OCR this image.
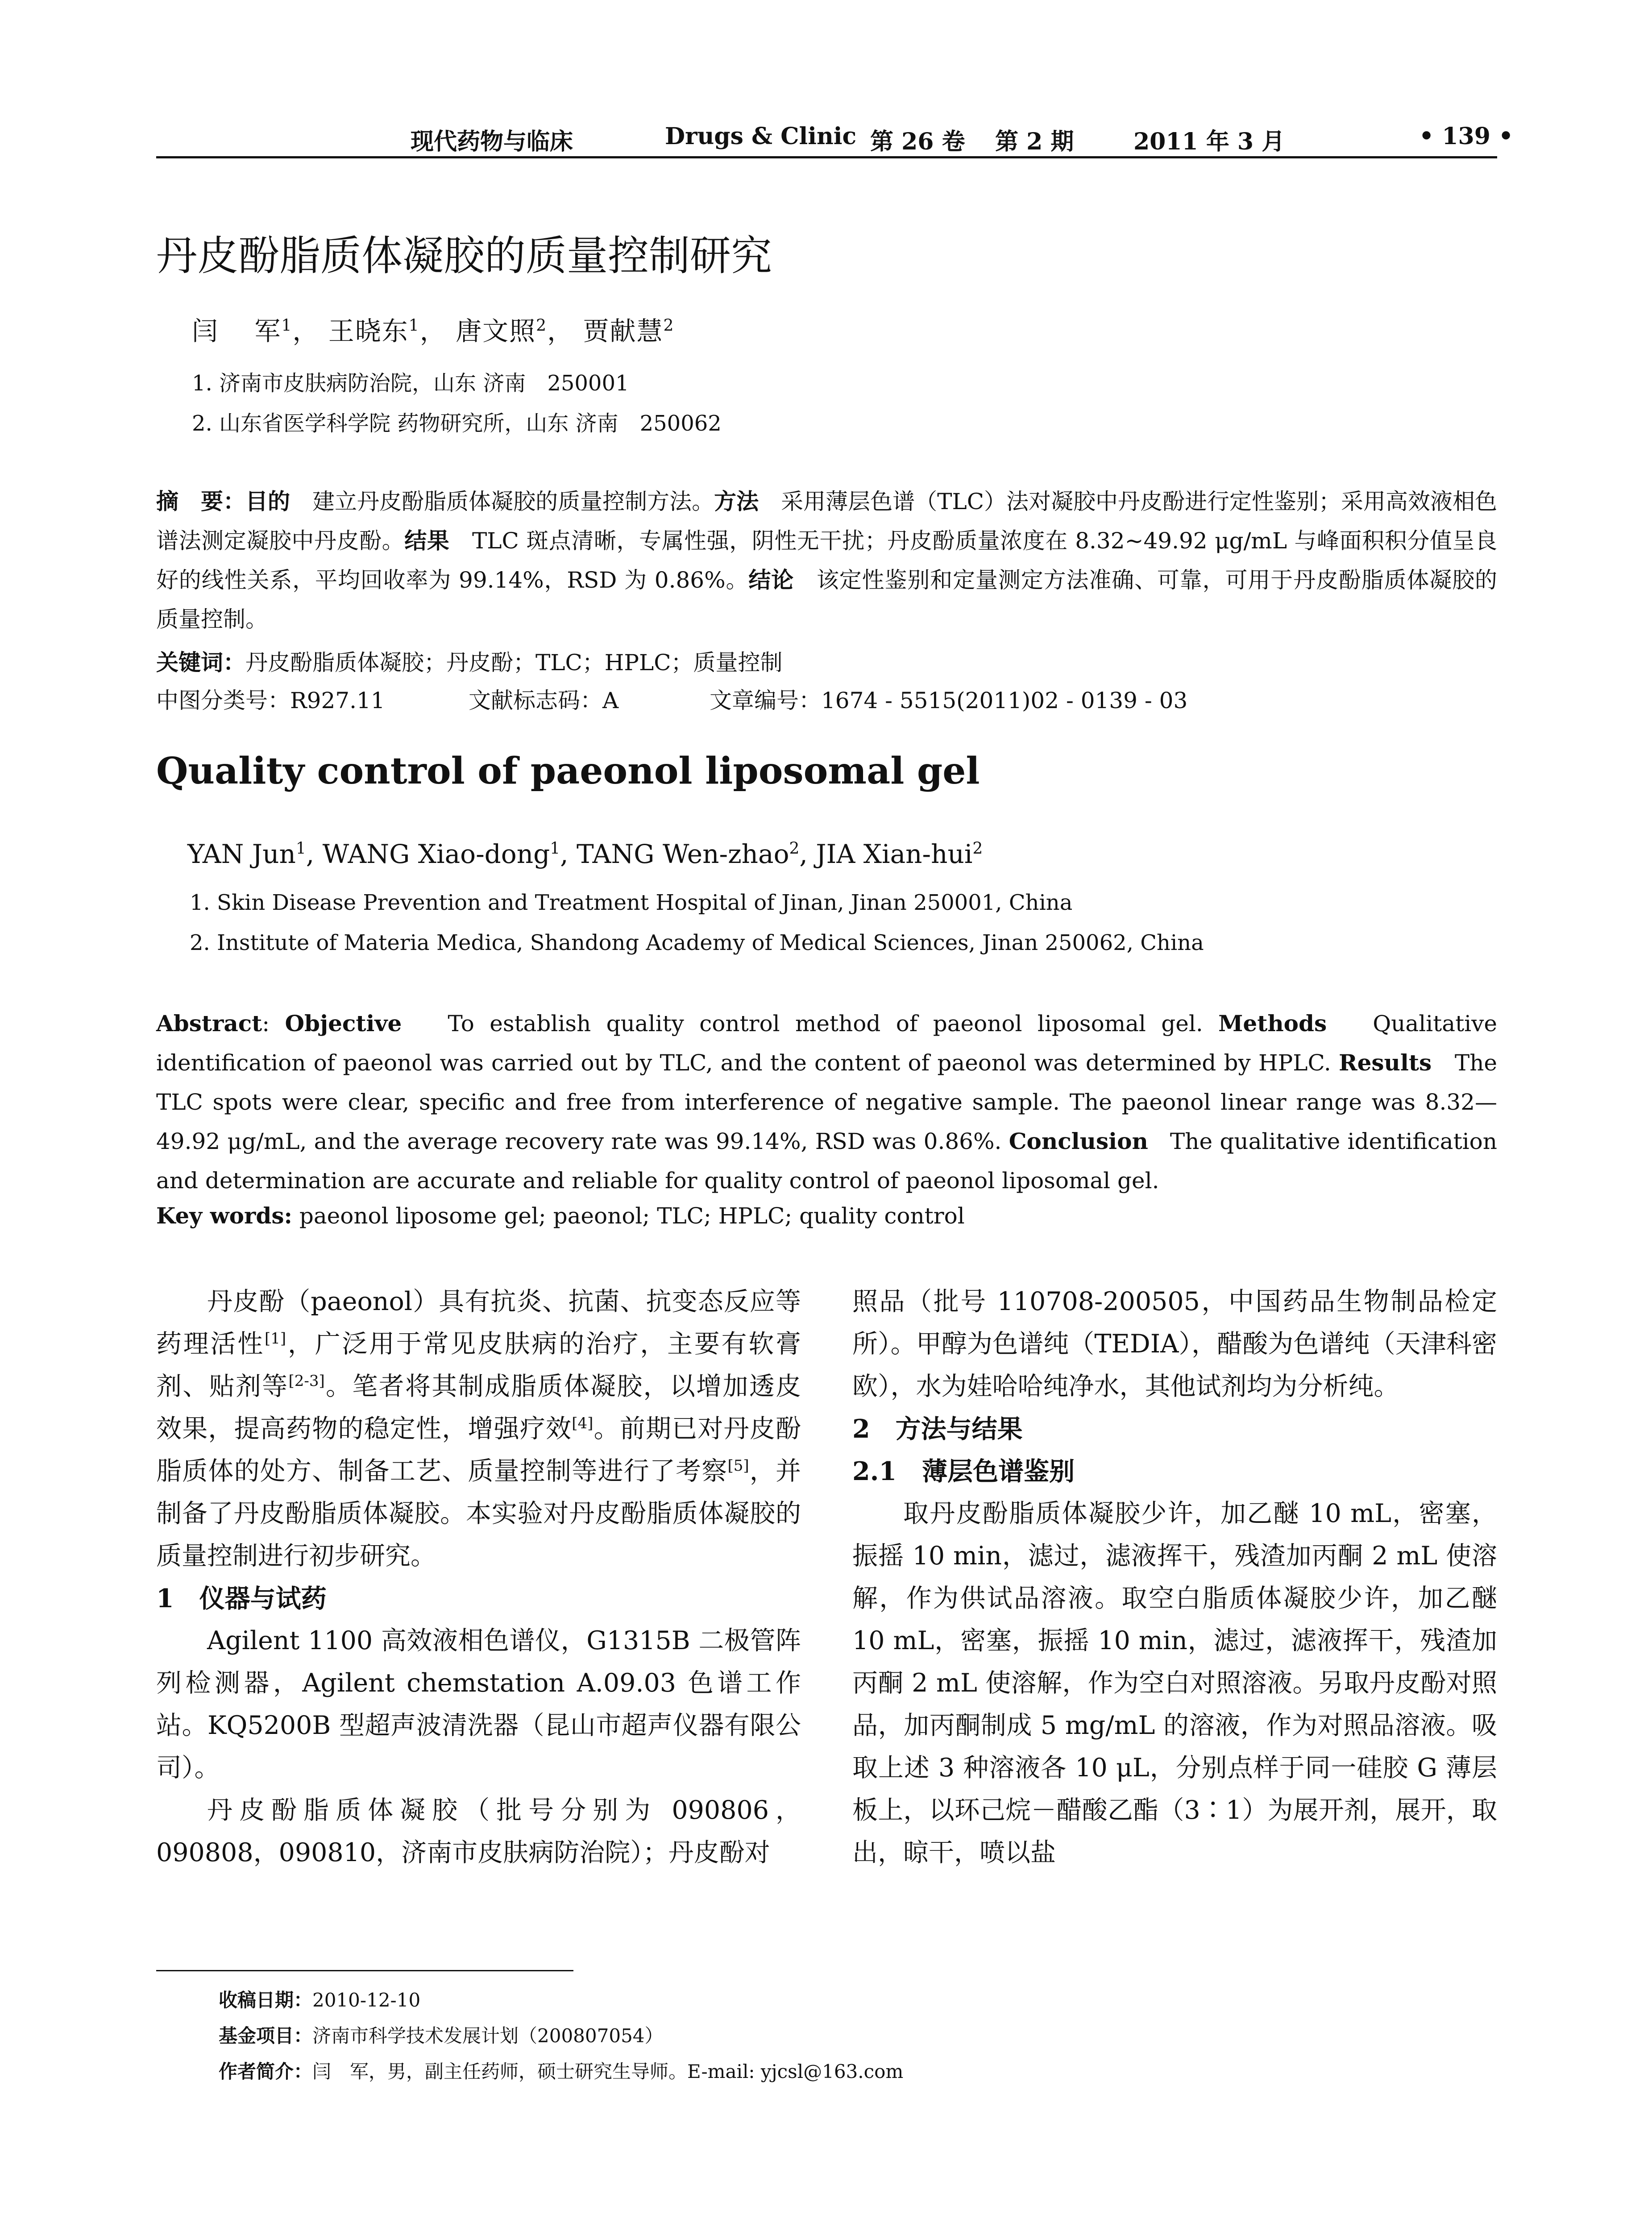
现代药物与临床	Drugs & Clinic 第 26 卷 第 2 期	2011 年 3 月	• 139 •
丹皮酚脂质体凝胶的质量控制研究
闫 　军$^1$， 王晓东$^1$， 唐文照$^2$， 贾献慧$^2$
1. 济南市皮肤病防治院，山东 济南　250001
2. 山东省医学科学院 药物研究所，山东 济南　250062
摘　要：目的　建立丹皮酚脂质体凝胶的质量控制方法。方法　采用薄层色谱（TLC）法对凝胶中丹皮酚进行定性鉴别；采用高效液相色谱法测定凝胶中丹皮酚。结果　TLC 斑点清晰，专属性强，阴性无干扰；丹皮酚质量浓度在 8.32~49.92 μg/mL 与峰面积积分值呈良好的线性关系，平均回收率为 99.14%，RSD 为 0.86%。结论　该定性鉴别和定量测定方法准确、可靠，可用于丹皮酚脂质体凝胶的质量控制。
关键词：丹皮酚脂质体凝胶；丹皮酚；TLC；HPLC；质量控制
中图分类号：R927.11	文献标志码：A	文章编号：1674 - 5515(2011)02 - 0139 - 03
Quality control of paeonol liposomal gel
YAN Jun$^1$, WANG Xiao-dong$^1$, TANG Wen-zhao$^2$, JIA Xian-hui$^2$
1. Skin Disease Prevention and Treatment Hospital of Jinan, Jinan 250001, China
2. Institute of Materia Medica, Shandong Academy of Medical Sciences, Jinan 250062, China
Abstract: Objective To establish quality control method of paeonol liposomal gel. Methods Qualitative identification of paeonol was carried out by TLC, and the content of paeonol was determined by HPLC. Results The TLC spots were clear, specific and free from interference of negative sample. The paeonol linear range was 8.32—49.92 μg/mL, and the average recovery rate was 99.14%, RSD was 0.86%. Conclusion The qualitative identification and determination are accurate and reliable for quality control of paeonol liposomal gel.
Key words: paeonol liposome gel; paeonol; TLC; HPLC; quality control

丹皮酚（paeonol）具有抗炎、抗菌、抗变态反应等药理活性[1]，广泛用于常见皮肤病的治疗，主要有软膏剂、贴剂等[2-3]。笔者将其制成脂质体凝胶，以增加透皮效果，提高药物的稳定性，增强疗效[4]。前期已对丹皮酚脂质体的处方、制备工艺、质量控制等进行了考察[5]，并制备了丹皮酚脂质体凝胶。本实验对丹皮酚脂质体凝胶的质量控制进行初步研究。

1　仪器与试药

Agilent 1100 高效液相色谱仪，G1315B 二极管阵列检测器，Agilent chemstation A.09.03 色谱工作站。KQ5200B 型超声波清洗器（昆山市超声仪器有限公司）。

丹皮酚脂质体凝胶（批号分别为 090806，090808，090810，济南市皮肤病防治院）；丹皮酚对

照品（批号 110708-200505，中国药品生物制品检定所）。甲醇为色谱纯（TEDIA），醋酸为色谱纯（天津科密欧），水为娃哈哈纯净水，其他试剂均为分析纯。

2　方法与结果
2.1　薄层色谱鉴别

取丹皮酚脂质体凝胶少许，加乙醚 10 mL，密塞，振摇 10 min，滤过，滤液挥干，残渣加丙酮 2 mL 使溶解，作为供试品溶液。取空白脂质体凝胶少许，加乙醚 10 mL，密塞，振摇 10 min，滤过，滤液挥干，残渣加丙酮 2 mL 使溶解，作为空白对照溶液。另取丹皮酚对照品，加丙酮制成 5 mg/mL 的溶液，作为对照品溶液。吸取上述 3 种溶液各 10 μL，分别点样于同一硅胶 G 薄层板上，以环己烷－醋酸乙酯（3∶1）为展开剂，展开，取出，晾干，喷以盐

收稿日期：2010-12-10
基金项目：济南市科学技术发展计划（200807054）
作者简介：闫　军，男，副主任药师，硕士研究生导师。E-mail: yjcsl@163.com
